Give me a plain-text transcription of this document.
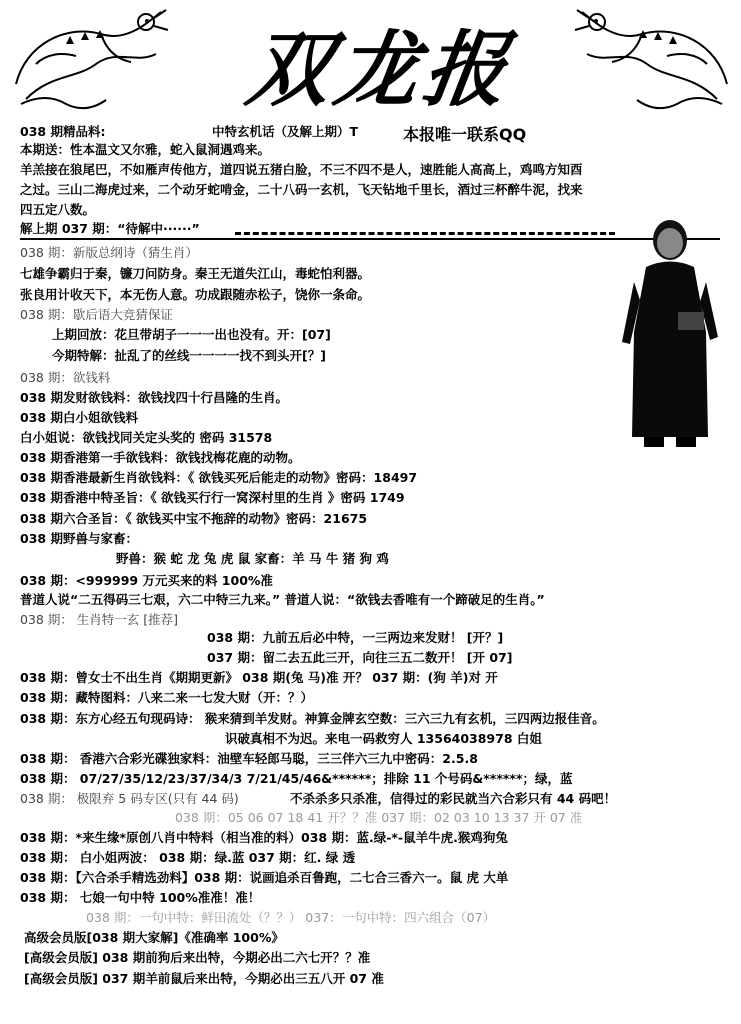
双龙报
038 期精品料:	中特玄机话（及解上期）T	本报唯一联系QQ
本期送：性本温文又尔雅，蛇入鼠洞遇鸡来。
羊羔接在狼尾巴，不如雁声传他方，道四说五猪白脸，不三不四不是人，速胜能人高高上，鸡鸣方知酉
之过。三山二海虎过来，二个动牙蛇啃金，二十八码一玄机，飞天钻地千里长，酒过三杯醉牛泥，找来
四五定八数。
解上期 037 期：“待解中······”
038 期：新版总纲诗（猜生肖）
七雄争霸归于秦，镰刀问防身。秦王无道失江山，毒蛇怕利器。
张良用计收天下，本无伤人意。功成跟随赤松子，饶你一条命。
038 期：歇后语大竞猜保证
上期回放：花旦带胡子一一一出也没有。开：[07]
今期特解：扯乱了的丝线一一一一找不到头开[？]
038 期：欲钱料
038 期发财欲钱料：欲钱找四十行昌隆的生肖。
038 期白小姐欲钱料
白小姐说：欲钱找同关定头奖的 密码 31578
038 期香港第一手欲钱料：欲钱找梅花鹿的动物。
038 期香港最新生肖欲钱料：《 欲钱买死后能走的动物》密码：18497
038 期香港中特圣旨：《 欲钱买行行一窝深村里的生肖 》密码 1749
038 期六合圣旨：《 欲钱买中宝不拖辞的动物》密码：21675
038 期野兽与家畜：
野兽：猴 蛇 龙 兔 虎 鼠 家畜：羊 马 牛 猪 狗 鸡
038 期：<999999 万元买来的料 100%准
普道人说“二五得码三七艰，六二中特三九来。” 普道人说：“欲钱去香唯有一个蹄破足的生肖。”
038 期： 生肖特一玄 [推荐]
038 期：九前五后必中特，一三两边来发财！ [开？]
037 期：留二去五此三开，向往三五二数开！ [开 07]
038 期：曾女士不出生肖《期期更新》 038 期(兔 马)准 开？ 037 期：(狗 羊)对 开
038 期：藏特图料：八来二来一七发大财（开：？）
038 期：东方心经五句现码诗： 猴来猜到羊发财。神算金牌玄空数：三六三九有玄机，三四两边报佳音。
识破真相不为迟。来电一码救穷人 13564038978 白姐
038 期： 香港六合彩光碟独家料：油壁车轻郎马聪，三三伴六三九中密码：2.5.8
038 期： 07/27/35/12/23/37/34/3 7/21/45/46&******；排除 11 个号码&******；绿，蓝
038 期： 极限弃 5 码专区(只有 44 码)	不杀杀多只杀准，信得过的彩民就当六合彩只有 44 码吧！
038 期：05 06 07 18 41 开？？准 037 期：02 03 10 13 37 开 07 准
038 期：*来生缘*原创八肖中特料（相当准的料）038 期：蓝.绿-*-鼠羊牛虎.猴鸡狗兔
038 期： 白小姐两波： 038 期：绿.蓝 037 期：红. 绿 透
038 期：【六合杀手精选劲料】038 期：说画追杀百鲁跑，二七合三香六一。鼠 虎 大单
038 期： 七娘一句中特 100%准准！准！
038 期：一句中特：鲜田流处（？？） 037：一句中特：四六组合（07）
高级会员版[038 期大家解]《准确率 100%》
[高级会员版] 038 期前狗后来出特，今期必出二六七开？？准
[高级会员版] 037 期羊前鼠后来出特，今期必出三五八开 07 准
